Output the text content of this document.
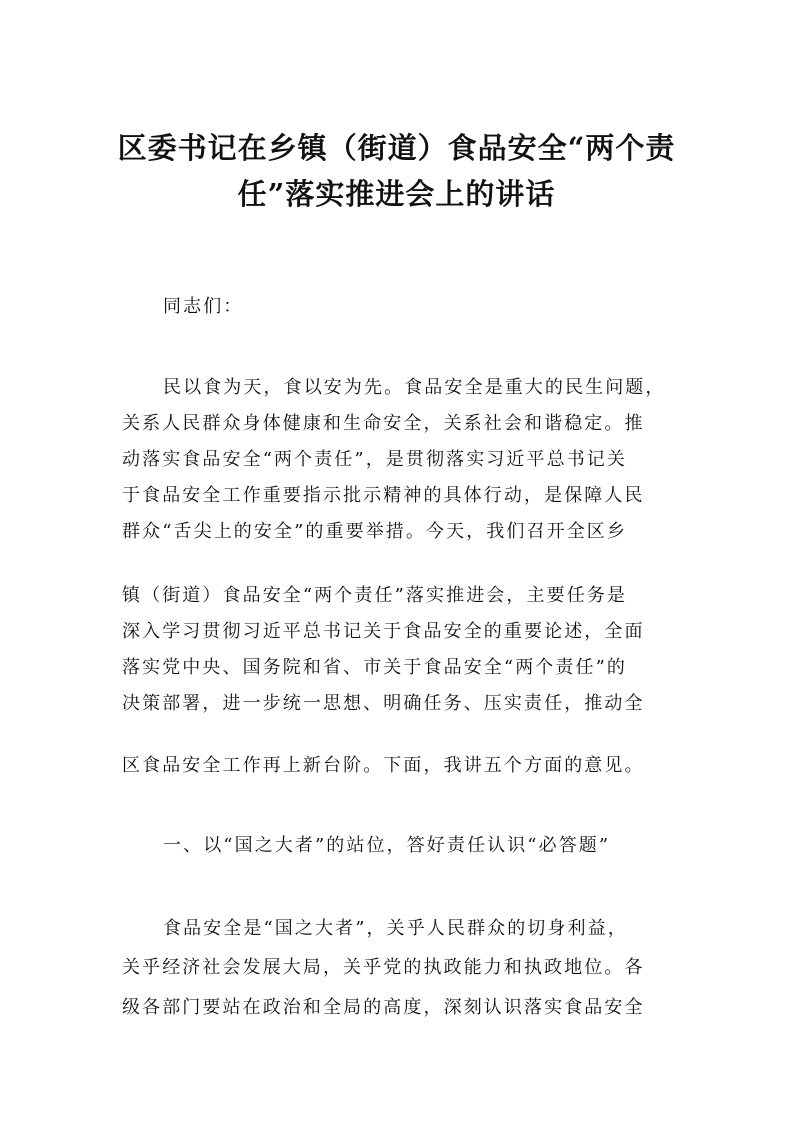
区委书记在乡镇（街道）食品安全“两个责
任”落实推进会上的讲话

同志们：

民以食为天，食以安为先。食品安全是重大的民生问题，

关系人民群众身体健康和生命安全，关系社会和谐稳定。推

动落实食品安全“两个责任”，是贯彻落实习近平总书记关

于食品安全工作重要指示批示精神的具体行动，是保障人民

群众“舌尖上的安全”的重要举措。今天，我们召开全区乡

镇（街道）食品安全“两个责任”落实推进会，主要任务是

深入学习贯彻习近平总书记关于食品安全的重要论述，全面

落实党中央、国务院和省、市关于食品安全“两个责任”的

决策部署，进一步统一思想、明确任务、压实责任，推动全

区食品安全工作再上新台阶。下面，我讲五个方面的意见。

一、以“国之大者”的站位，答好责任认识“必答题”

食品安全是“国之大者”，关乎人民群众的切身利益，

关乎经济社会发展大局，关乎党的执政能力和执政地位。各

级各部门要站在政治和全局的高度，深刻认识落实食品安全
